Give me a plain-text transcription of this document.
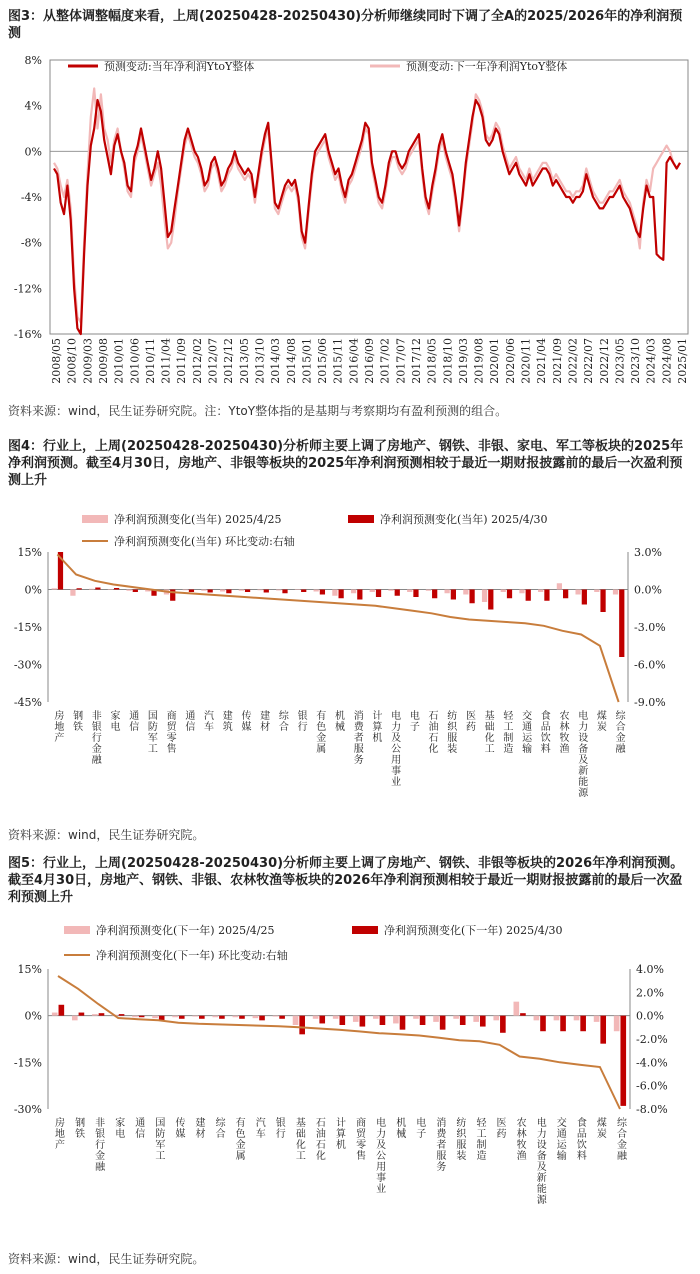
图3：从整体调整幅度来看，上周(20250428-20250430)分析师继续同时下调了全A的2025/2026年的净利润预测
8%
4%
0%
-4%
-8%
-12%
-16%
2008/05 2008/10 2009/03 2009/08 2010/01 2010/06 2010/11 2011/04 2011/09 2012/02 2012/07 2012/12 2013/05 2013/10 2014/03 2014/08 2015/01 2015/06 2015/11 2016/04 2016/09 2017/02 2017/07 2017/12 2018/05 2018/10 2019/03 2019/08 2020/01 2020/06 2020/11 2021/04 2021/09 2022/02 2022/07 2022/12 2023/05 2023/10 2024/03 2024/08 2025/01
预测变动:当年净利润YtoY整体	预测变动:下一年净利润YtoY整体
资料来源：wind，民生证券研究院。注：YtoY整体指的是基期与考察期均有盈利预测的组合。
图4：行业上，上周(20250428-20250430)分析师主要上调了房地产、钢铁、非银、家电、军工等板块的2025年净利润预测。截至4月30日，房地产、非银等板块的2025年净利润预测相较于最近一期财报披露前的最后一次盈利预测上升
15%
0%
-15%
-30%
-45%
3.0%
0.0%
-3.0%
-6.0%
-9.0%
房地产 钢铁 非银行金融 家电 通信 国防军工 商贸零售 通信 汽车 建筑 传媒 建材 综合 银行 有色金属 机械 消费者服务 计算机 电力及公用事业 电子 石油石化 纺织服装 医药 基础化工 轻工制造 交通运输 食品饮料 农林牧渔 电力设备及新能源 煤炭 综合金融
净利润预测变化(当年) 2025/4/25	净利润预测变化(当年) 2025/4/30
净利润预测变化(当年) 环比变动:右轴
资料来源：wind，民生证券研究院。
图5：行业上，上周(20250428-20250430)分析师主要上调了房地产、钢铁、非银等板块的2026年净利润预测。截至4月30日，房地产、钢铁、非银、农林牧渔等板块的2026年净利润预测相较于最近一期财报披露前的最后一次盈利预测上升
15%
0%
-15%
-30%
4.0%
2.0%
0.0%
-2.0%
-4.0%
-6.0%
-8.0%
房地产 钢铁 非银行金融 家电 通信 国防军工 传媒 建材 综合 有色金属 汽车 银行 基础化工 石油石化 计算机 商贸零售 电力及公用事业 机械 电子 消费者服务 纺织服装 轻工制造 医药 农林牧渔 电力设备及新能源 交通运输 食品饮料 煤炭 综合金融
净利润预测变化(下一年) 2025/4/25	净利润预测变化(下一年) 2025/4/30
净利润预测变化(下一年) 环比变动:右轴
资料来源：wind，民生证券研究院。
